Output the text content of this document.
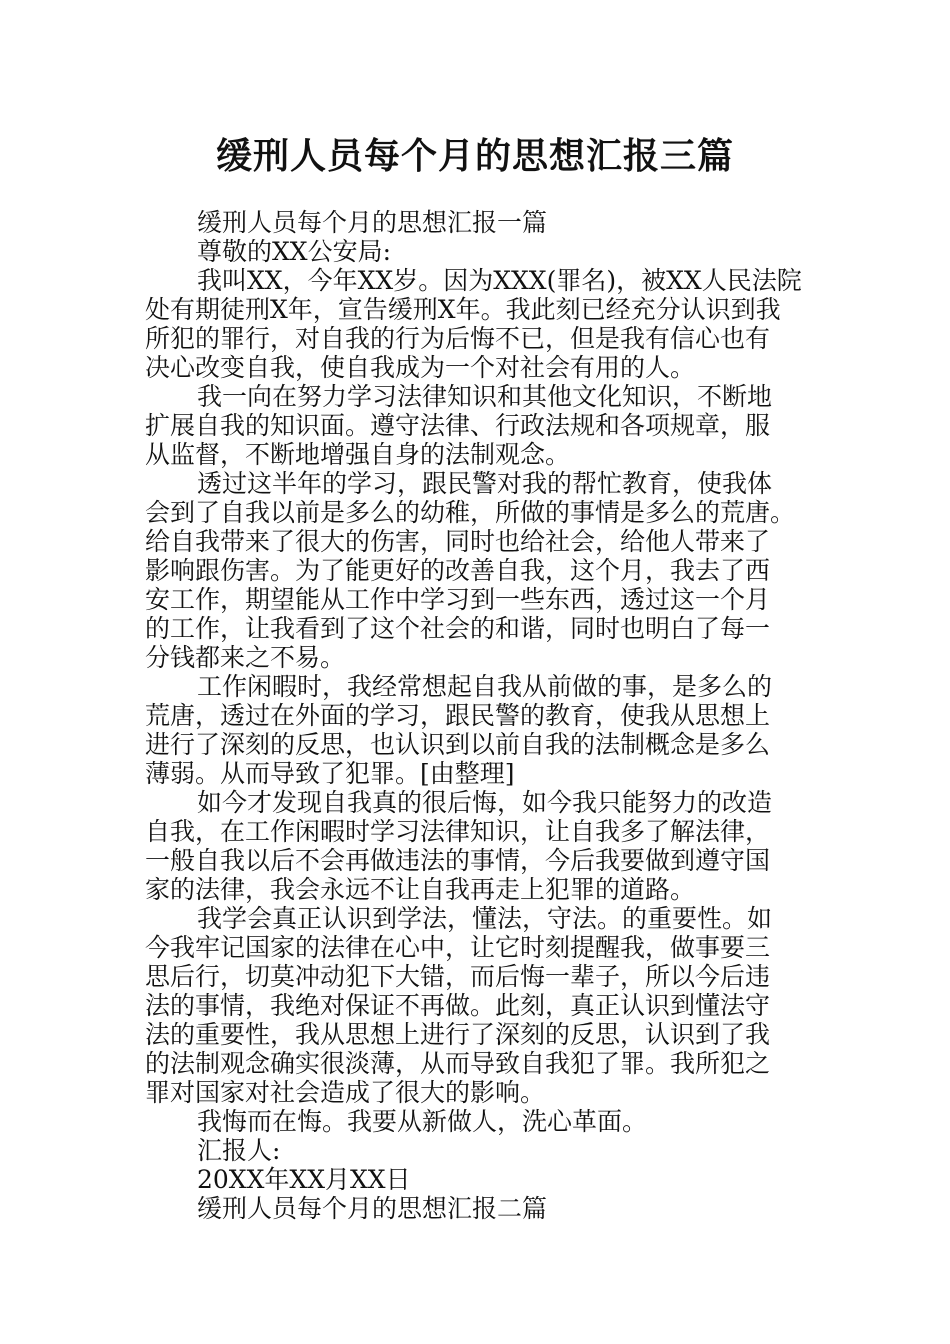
缓刑人员每个月的思想汇报三篇

缓刑人员每个月的思想汇报一篇

尊敬的XX公安局:

我叫XX，今年XX岁。因为XXX(罪名)，被XX人民法院
处有期徒刑X年，宣告缓刑X年。我此刻已经充分认识到我
所犯的罪行，对自我的行为后悔不已，但是我有信心也有
决心改变自我，使自我成为一个对社会有用的人。

我一向在努力学习法律知识和其他文化知识，不断地
扩展自我的知识面。遵守法律、行政法规和各项规章，服
从监督，不断地增强自身的法制观念。

透过这半年的学习，跟民警对我的帮忙教育，使我体
会到了自我以前是多么的幼稚，所做的事情是多么的荒唐。
给自我带来了很大的伤害，同时也给社会，给他人带来了
影响跟伤害。为了能更好的改善自我，这个月，我去了西
安工作，期望能从工作中学习到一些东西，透过这一个月
的工作，让我看到了这个社会的和谐，同时也明白了每一
分钱都来之不易。

工作闲暇时，我经常想起自我从前做的事，是多么的
荒唐，透过在外面的学习，跟民警的教育，使我从思想上
进行了深刻的反思，也认识到以前自我的法制概念是多么
薄弱。从而导致了犯罪。[由整理]

如今才发现自我真的很后悔，如今我只能努力的改造
自我，在工作闲暇时学习法律知识，让自我多了解法律，
一般自我以后不会再做违法的事情，今后我要做到遵守国
家的法律，我会永远不让自我再走上犯罪的道路。

我学会真正认识到学法，懂法，守法。的重要性。如
今我牢记国家的法律在心中，让它时刻提醒我，做事要三
思后行，切莫冲动犯下大错，而后悔一辈子，所以今后违
法的事情，我绝对保证不再做。此刻，真正认识到懂法守
法的重要性，我从思想上进行了深刻的反思，认识到了我
的法制观念确实很淡薄，从而导致自我犯了罪。我所犯之
罪对国家对社会造成了很大的影响。

我悔而在悔。我要从新做人，洗心革面。

汇报人:

20XX年XX月XX日

缓刑人员每个月的思想汇报二篇
